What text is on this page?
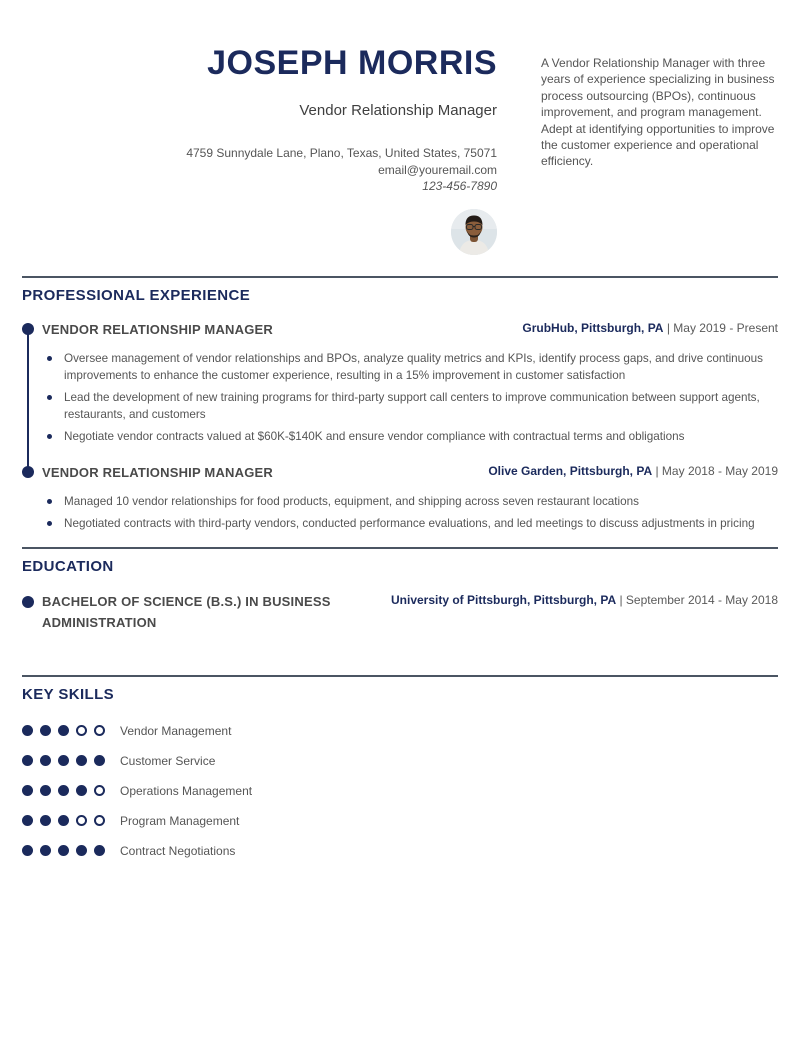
JOSEPH MORRIS
Vendor Relationship Manager
4759 Sunnydale Lane, Plano, Texas, United States, 75071
email@youremail.com
123-456-7890
A Vendor Relationship Manager with three years of experience specializing in business process outsourcing (BPOs), continuous improvement, and program management. Adept at identifying opportunities to improve the customer experience and operational efficiency.
PROFESSIONAL EXPERIENCE
VENDOR RELATIONSHIP MANAGER	GrubHub, Pittsburgh, PA | May 2019 - Present
Oversee management of vendor relationships and BPOs, analyze quality metrics and KPIs, identify process gaps, and drive continuous improvements to enhance the customer experience, resulting in a 15% improvement in customer satisfaction
Lead the development of new training programs for third-party support call centers to improve communication between support agents, restaurants, and customers
Negotiate vendor contracts valued at $60K-$140K and ensure vendor compliance with contractual terms and obligations
VENDOR RELATIONSHIP MANAGER	Olive Garden, Pittsburgh, PA | May 2018 - May 2019
Managed 10 vendor relationships for food products, equipment, and shipping across seven restaurant locations
Negotiated contracts with third-party vendors, conducted performance evaluations, and led meetings to discuss adjustments in pricing
EDUCATION
BACHELOR OF SCIENCE (B.S.) IN BUSINESS ADMINISTRATION
University of Pittsburgh, Pittsburgh, PA | September 2014 - May 2018
KEY SKILLS
Vendor Management
Customer Service
Operations Management
Program Management
Contract Negotiations
